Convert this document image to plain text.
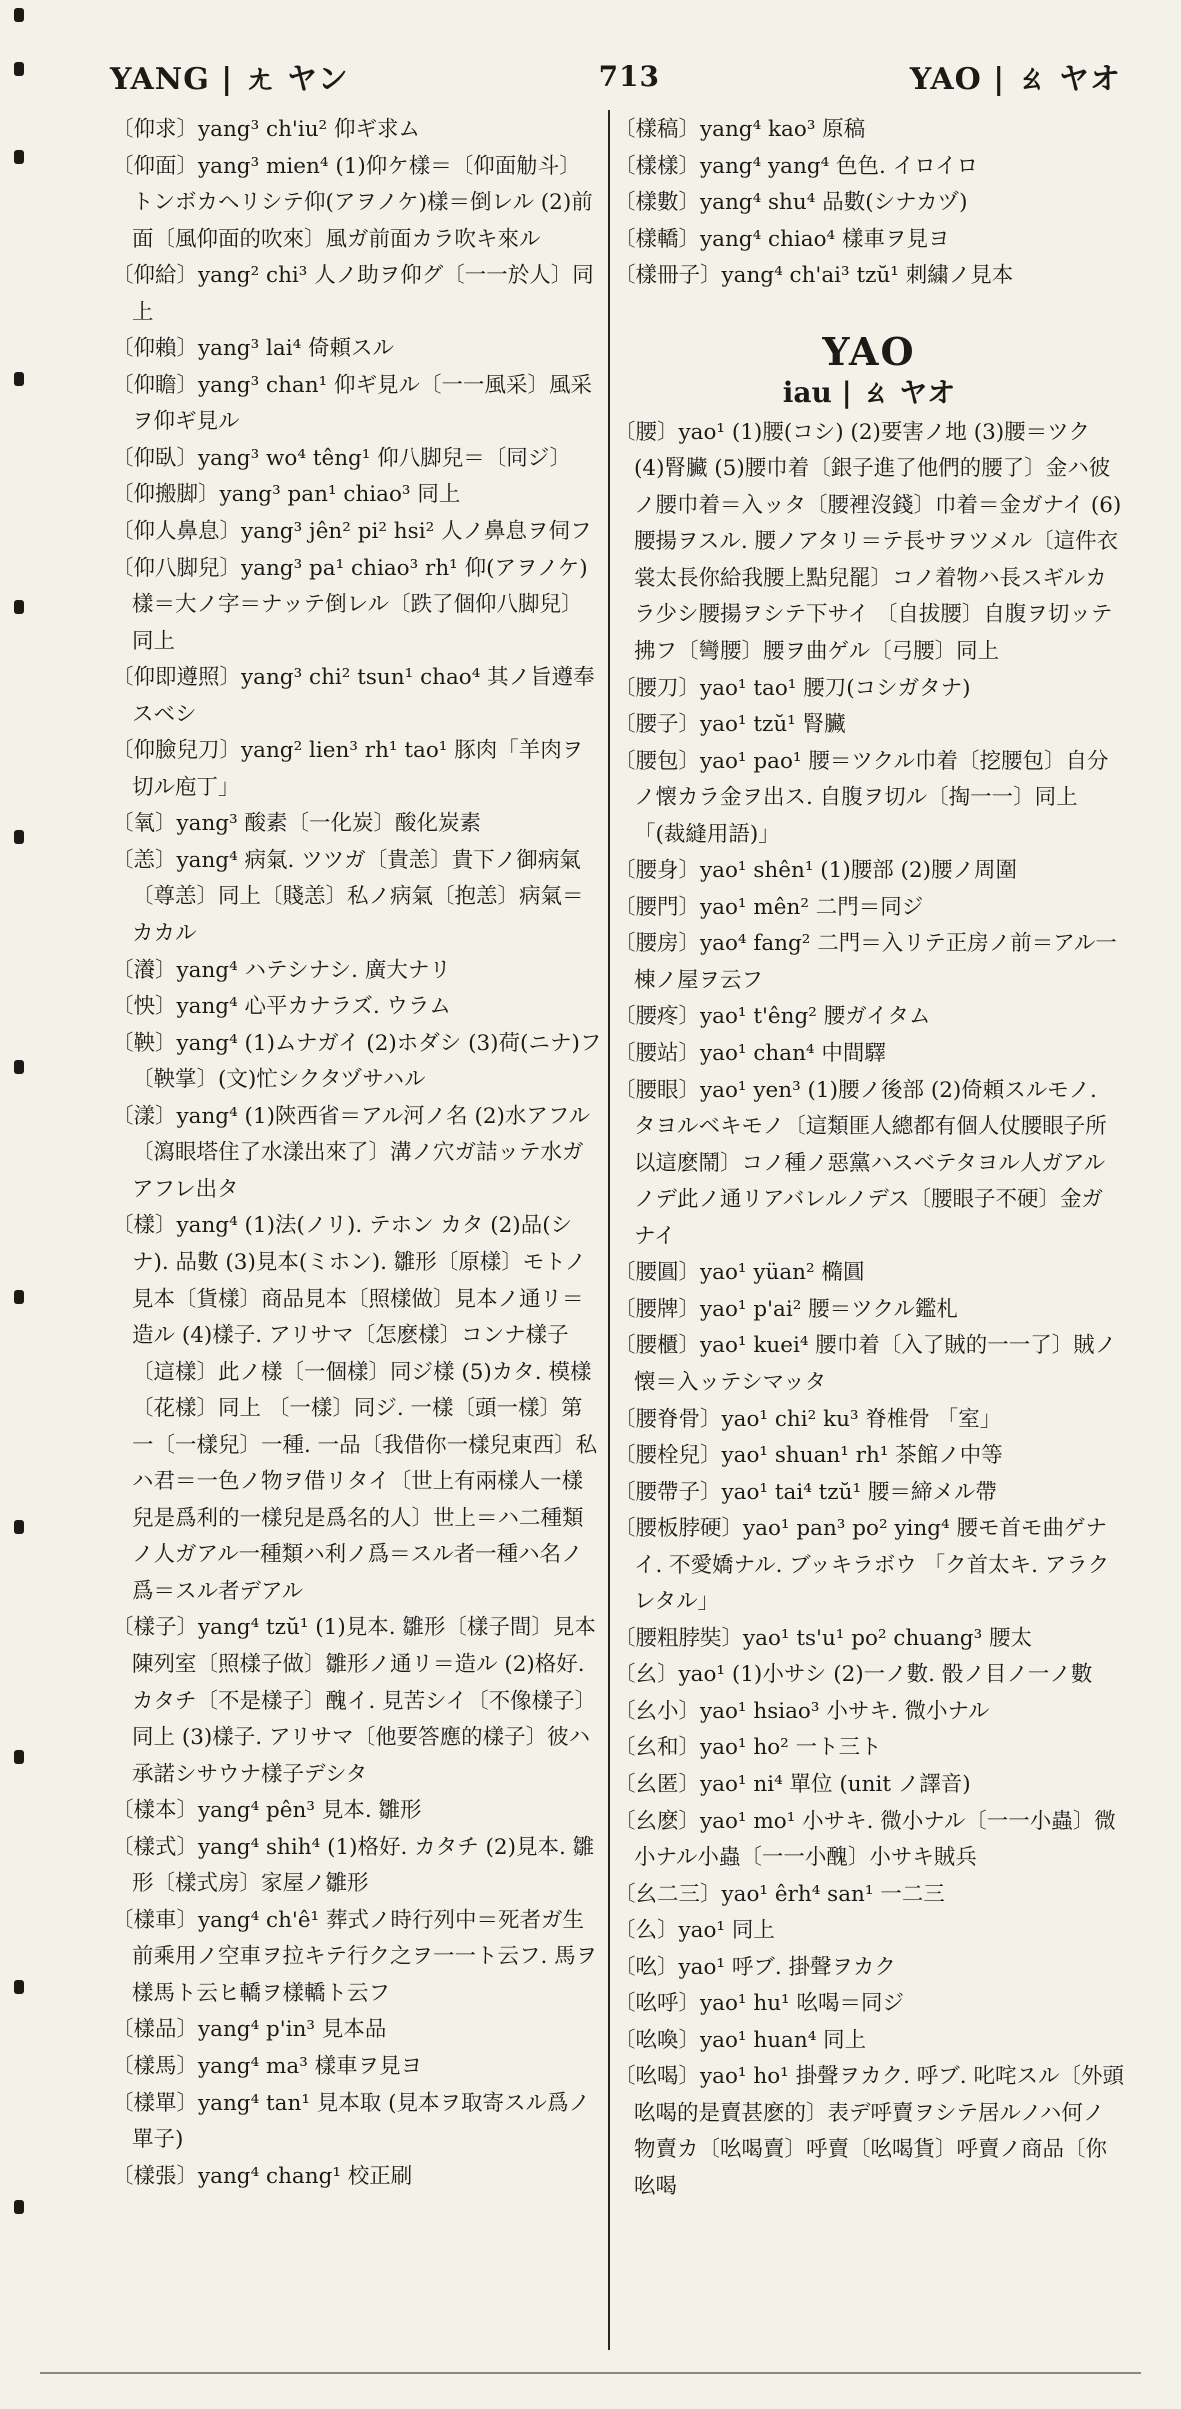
YANG | ㄤ ヤン	713	YAO | ㄠ ヤオ

〔仰求〕yang³ ch'iu² 仰ギ求ム

〔仰面〕yang³ mien⁴ (1)仰ケ樣＝〔仰面觔斗〕トンボカヘリシテ仰(アヲノケ)樣＝倒レル (2)前面〔風仰面的吹來〕風ガ前面カラ吹キ來ル

〔仰給〕yang² chi³ 人ノ助ヲ仰グ〔一一於人〕同上

〔仰賴〕yang³ lai⁴ 倚頼スル

〔仰瞻〕yang³ chan¹ 仰ギ見ル〔一一風采〕風采ヲ仰ギ見ル

〔仰臥〕yang³ wo⁴ têng¹ 仰八脚兒＝〔同ジ〕

〔仰搬脚〕yang³ pan¹ chiao³ 同上

〔仰人鼻息〕yang³ jên² pi² hsi² 人ノ鼻息ヲ伺フ

〔仰八脚兒〕yang³ pa¹ chiao³ rh¹ 仰(アヲノケ)樣＝大ノ字＝ナッテ倒レル〔跌了個仰八脚兒〕同上

〔仰即遵照〕yang³ chi² tsun¹ chao⁴ 其ノ旨遵奉スベシ

〔仰臉兒刀〕yang² lien³ rh¹ tao¹ 豚肉「羊肉ヲ切ル庖丁」

〔氧〕yang³ 酸素〔一化炭〕酸化炭素

〔恙〕yang⁴ 病氣. ツツガ〔貴恙〕貴下ノ御病氣〔尊恙〕同上〔賤恙〕私ノ病氣〔抱恙〕病氣＝カカル

〔瀁〕yang⁴ ハテシナシ. 廣大ナリ

〔怏〕yang⁴ 心平カナラズ. ウラム

〔鞅〕yang⁴ (1)ムナガイ (2)ホダシ (3)荷(ニナ)フ〔鞅掌〕(文)忙シクタヅサハル

〔漾〕yang⁴ (1)陝西省＝アル河ノ名 (2)水アフル〔瀉眼塔住了水漾出來了〕溝ノ穴ガ詰ッテ水ガアフレ出タ

〔樣〕yang⁴ (1)法(ノリ). テホン カタ (2)品(シナ). 品數 (3)見本(ミホン). 雛形〔原樣〕モトノ見本〔貨樣〕商品見本〔照樣做〕見本ノ通リ＝造ル (4)樣子. アリサマ〔怎麽樣〕コンナ樣子〔這樣〕此ノ樣〔一個樣〕同ジ樣 (5)カタ. 模樣〔花樣〕同上 〔一樣〕同ジ. 一樣〔頭一樣〕第一〔一樣兒〕一種. 一品〔我借你一樣兒東西〕私ハ君＝一色ノ物ヲ借リタイ〔世上有兩樣人一樣兒是爲利的一樣兒是爲名的人〕世上＝ハ二種類ノ人ガアル一種類ハ利ノ爲＝スル者一種ハ名ノ爲＝スル者デアル

〔樣子〕yang⁴ tzŭ¹ (1)見本. 雛形〔樣子間〕見本陳列室〔照樣子做〕雛形ノ通リ＝造ル (2)格好. カタチ〔不是樣子〕醜イ. 見苦シイ〔不像樣子〕同上 (3)樣子. アリサマ〔他要答應的樣子〕彼ハ承諾シサウナ樣子デシタ

〔樣本〕yang⁴ pên³ 見本. 雛形

〔樣式〕yang⁴ shih⁴ (1)格好. カタチ (2)見本. 雛形〔樣式房〕家屋ノ雛形

〔樣車〕yang⁴ ch'ê¹ 葬式ノ時行列中＝死者ガ生前乘用ノ空車ヲ拉キテ行ク之ヲ一一ト云フ. 馬ヲ樣馬ト云ヒ轎ヲ樣轎ト云フ

〔樣品〕yang⁴ p'in³ 見本品

〔樣馬〕yang⁴ ma³ 樣車ヲ見ヨ

〔樣單〕yang⁴ tan¹ 見本取 (見本ヲ取寄スル爲ノ單子)

〔樣張〕yang⁴ chang¹ 校正刷

〔樣稿〕yang⁴ kao³ 原稿

〔樣樣〕yang⁴ yang⁴ 色色. イロイロ

〔樣數〕yang⁴ shu⁴ 品數(シナカヅ)

〔樣轎〕yang⁴ chiao⁴ 樣車ヲ見ヨ

〔樣冊子〕yang⁴ ch'ai³ tzŭ¹ 刺繍ノ見本

YAO
iau | ㄠ ヤオ

〔腰〕yao¹ (1)腰(コシ) (2)要害ノ地 (3)腰＝ツク (4)腎臟 (5)腰巾着〔銀子進了他們的腰了〕金ハ彼ノ腰巾着＝入ッタ〔腰裡沒錢〕巾着＝金ガナイ (6)腰揚ヲスル. 腰ノアタリ＝テ長サヲツメル〔這件衣裳太長你給我腰上點兒罷〕コノ着物ハ長スギルカラ少シ腰揚ヲシテ下サイ 〔自拔腰〕自腹ヲ切ッテ拂フ〔彎腰〕腰ヲ曲ゲル〔弓腰〕同上

〔腰刀〕yao¹ tao¹ 腰刀(コシガタナ)

〔腰子〕yao¹ tzŭ¹ 腎臟

〔腰包〕yao¹ pao¹ 腰＝ツクル巾着〔挖腰包〕自分ノ懐カラ金ヲ出ス. 自腹ヲ切ル〔掏一一〕同上 「(裁縫用語)」

〔腰身〕yao¹ shên¹ (1)腰部 (2)腰ノ周圍

〔腰門〕yao¹ mên² 二門＝同ジ

〔腰房〕yao⁴ fang² 二門＝入リテ正房ノ前＝アル一棟ノ屋ヲ云フ

〔腰疼〕yao¹ t'êng² 腰ガイタム

〔腰站〕yao¹ chan⁴ 中間驛

〔腰眼〕yao¹ yen³ (1)腰ノ後部 (2)倚頼スルモノ. タヨルベキモノ〔這類匪人總都有個人仗腰眼子所以這麽鬧〕コノ種ノ惡黨ハスベテタヨル人ガアルノデ此ノ通リアバレルノデス〔腰眼子不硬〕金ガナイ

〔腰圓〕yao¹ yüan² 橢圓

〔腰牌〕yao¹ p'ai² 腰＝ツクル鑑札

〔腰櫃〕yao¹ kuei⁴ 腰巾着〔入了賊的一一了〕賊ノ懐＝入ッテシマッタ

〔腰脊骨〕yao¹ chi² ku³ 脊椎骨 「室」

〔腰栓兒〕yao¹ shuan¹ rh¹ 茶館ノ中等

〔腰帶子〕yao¹ tai⁴ tzŭ¹ 腰＝締メル帶

〔腰板脖硬〕yao¹ pan³ po² ying⁴ 腰モ首モ曲ゲナイ. 不愛嬌ナル. ブッキラボウ 「ク首太キ. アラクレタル」

〔腰粗脖奘〕yao¹ ts'u¹ po² chuang³ 腰太

〔幺〕yao¹ (1)小サシ (2)一ノ數. 骰ノ目ノ一ノ數

〔幺小〕yao¹ hsiao³ 小サキ. 微小ナル

〔幺和〕yao¹ ho² 一ト三ト

〔幺匿〕yao¹ ni⁴ 單位 (unit ノ譯音)

〔幺麽〕yao¹ mo¹ 小サキ. 微小ナル〔一一小蟲〕微小ナル小蟲〔一一小醜〕小サキ賊兵

〔幺二三〕yao¹ êrh⁴ san¹ 一二三

〔么〕yao¹ 同上

〔吆〕yao¹ 呼ブ. 掛聲ヲカク

〔吆呼〕yao¹ hu¹ 吆喝＝同ジ

〔吆喚〕yao¹ huan⁴ 同上

〔吆喝〕yao¹ ho¹ 掛聲ヲカク. 呼ブ. 叱咤スル〔外頭吆喝的是賣甚麽的〕表デ呼賣ヲシテ居ルノハ何ノ物賣カ〔吆喝賣〕呼賣〔吆喝貨〕呼賣ノ商品〔你吆喝
